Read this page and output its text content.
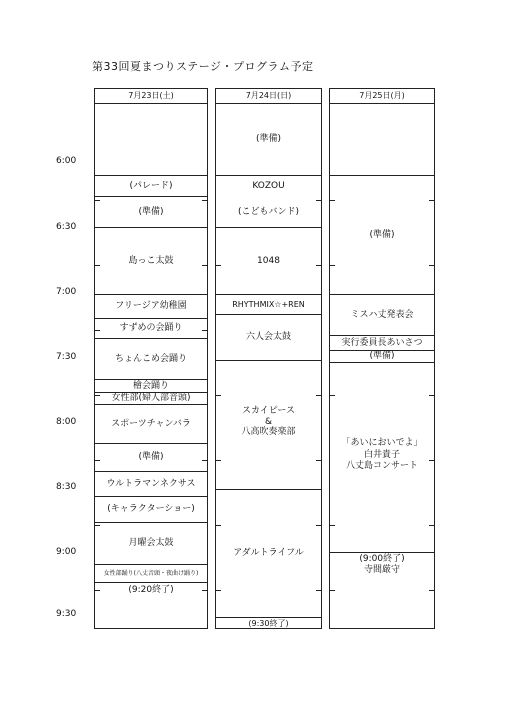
第33回夏まつりステージ・プログラム予定
6:00
6:30
7:00
7:30
8:00
8:30
9:00
9:30
7月23日(土)
(パレード)
(準備)
島っこ太鼓
フリージア幼稚園
すずめの会踊り
ちょんこめ会踊り
檜会踊り
女性部(婦人部音頭)
スポーツチャンバラ
(準備)
ウルトラマンネクサス
(キャラクターショー)
月曜会太鼓
女性部踊り(八丈音頭・夜曲け踊り)
(9:20終了)
7月24日(日)
(準備)
KOZOU
(こどもバンド)
1048
RHYTHMIX☆+REN
六人会太鼓
スカイピース
&
八高吹奏楽部
アダルトライフル
(9:30終了)
7月25日(月)
(準備)
ミスハ丈発表会
実行委員長あいさつ
(準備)
「あいにおいでよ」
白井貴子
八丈島コンサート
(9:00終了)
寺間厳守
